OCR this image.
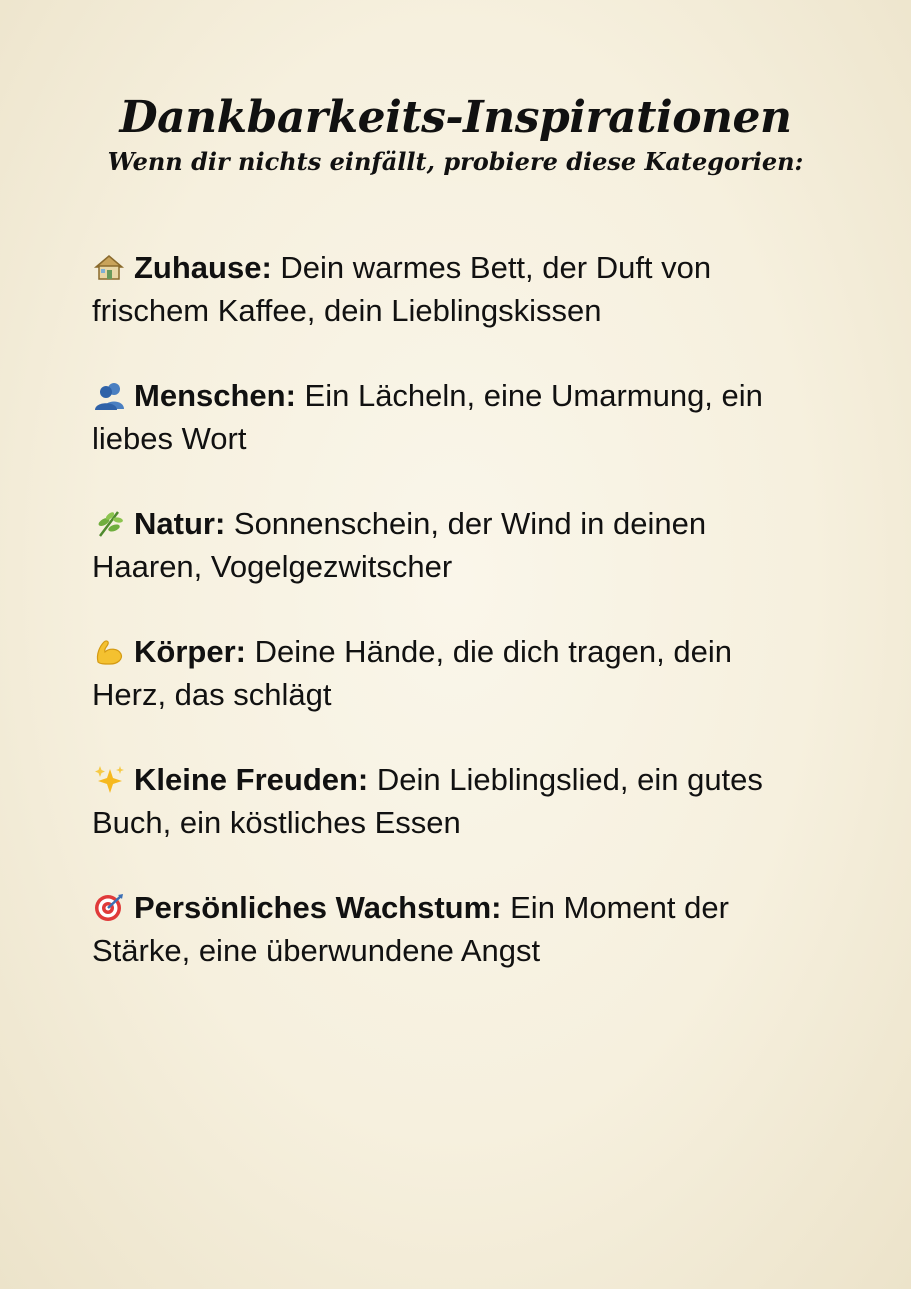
Dankbarkeits-Inspirationen

Wenn dir nichts einfällt, probiere diese Kategorien:

Zuhause: Dein warmes Bett, der Duft von frischem Kaffee, dein Lieblingskissen
Menschen: Ein Lächeln, eine Umarmung, ein liebes Wort
Natur: Sonnenschein, der Wind in deinen Haaren, Vogelgezwitscher
Körper: Deine Hände, die dich tragen, dein Herz, das schlägt
Kleine Freuden: Dein Lieblingslied, ein gutes Buch, ein köstliches Essen
Persönliches Wachstum: Ein Moment der Stärke, eine überwundene Angst
